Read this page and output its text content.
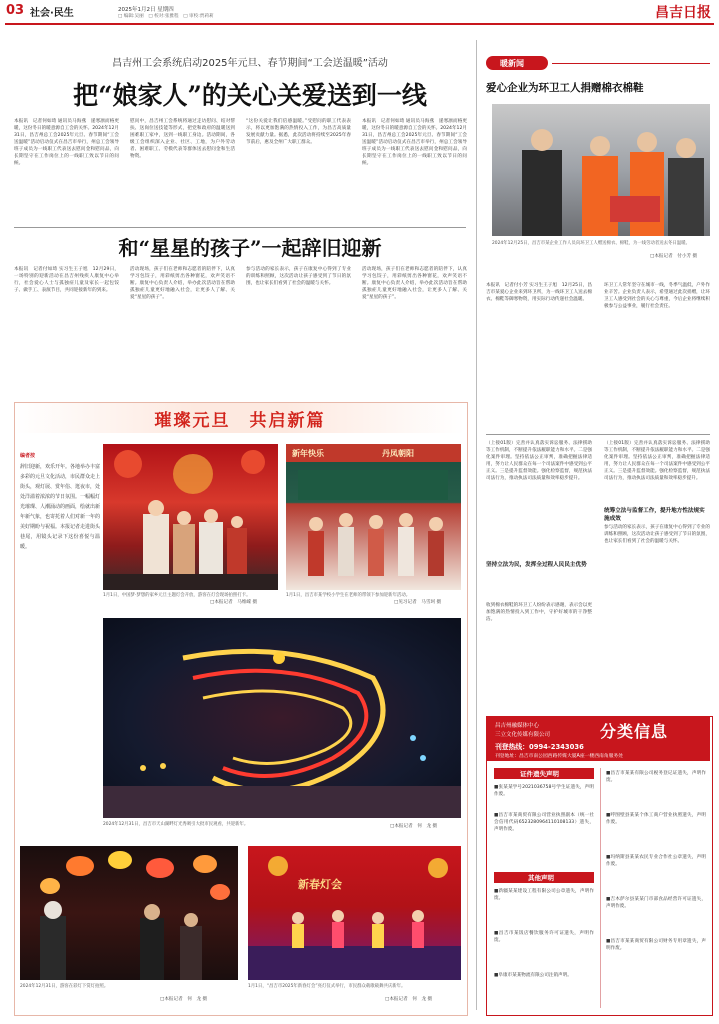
03 社会·民生	2025年1月2日 星期四
□ 编辑:吴丽　□ 校对:张雅程　□ 审校:贾莉莉	昌吉日报
昌吉州工会系统启动2025年元旦、春节期间“工会送温暖”活动
把“娘家人”的关心关爱送到一线
本报讯　记者何如琦 通讯员马海燕　递寒凛而格更暖，这份冬日的暖意源自工会的关怀。2024年12月31日，昌吉州总工会2025年元旦、春节期间“工会送温暖”活动启动仪式在昌吉市举行，州总工会领导班子成员为一线职工代表送去慰问金和慰问品，向长期坚守在工作岗位上的一线职工致以节日的问候。
慰问中，昌吉州工会系统将通过走访慰问、结对帮扶、送岗位送技能等形式，把党和政府的温暖送到困难职工家中，送到一线职工身边。活动期间，各级工会组织深入企业、社区、工地，为户外劳动者、困难职工、劳模代表等群体送去慰问金和生活物资。
“这份关爱让我们倍感温暖。”受慰问的职工代表表示，将以更加饱满的热情投入工作，为昌吉高质量发展贡献力量。据悉，此次活动将持续至2025年春节前后，惠及全州广大职工群众。
本报讯　记者何如琦 通讯员马海燕　递寒凛而格更暖，这份冬日的暖意源自工会的关怀。2024年12月31日，昌吉州总工会2025年元旦、春节期间“工会送温暖”活动启动仪式在昌吉市举行，州总工会领导班子成员为一线职工代表送去慰问金和慰问品，向长期坚守在工作岗位上的一线职工致以节日的问候。
和“星星的孩子”一起辞旧迎新
本报讯　记者付如琦 实习生王子旭　12月29日，一场特别的迎新活动在昌吉州残疾人康复中心举行，社会爱心人士与孤独症儿童及家长一起包饺子、做手工、表演节目，共同迎接新年的到来。
活动现场，孩子们在老师和志愿者的陪伴下，认真学习包饺子，用彩纸剪出各种窗花，欢声笑语不断。康复中心负责人介绍，举办此次活动旨在帮助孤独症儿童更好地融入社会，让更多人了解、关爱“星星的孩子”。
参与活动的家长表示，孩子在康复中心得到了专业的训练和照顾，这次活动让孩子感受到了节日的氛围，也让家长们看到了社会的温暖与关怀。
活动现场，孩子们在老师和志愿者的陪伴下，认真学习包饺子，用彩纸剪出各种窗花，欢声笑语不断。康复中心负责人介绍，举办此次活动旨在帮助孤独症儿童更好地融入社会，让更多人了解、关爱“星星的孩子”。
璀璨元旦　共启新篇
编者按
辞旧迎新，欢乐开年。各地举办丰富多彩的元旦文化活动，市民群众走上街头，观灯展、赏年俗、逛夜市，处处洋溢着浓浓的节日氛围。一幅幅灯光璀璨、人潮涌动的画面，绘就出新年新气象，也寄托着人们对新一年的美好期盼与祝福。本报记者走进街头巷尾，用镜头记录下这份喜悦与温暖。
新年快乐	丹凤朝阳
1月1日，中国梦·梦想的家乡元旦主题灯会开放，游客在灯会现场拍照打卡。
□本报记者　马维嵘 摄
1月1日，昌吉市某学校小学生在老师的带领下参加迎新年活动。
□见习记者　马雪珂 摄
2024年12月31日，昌吉市天山湖畔灯光秀吸引大批市民观看，共迎新年。	□本报记者　何　龙 摄
新春灯会
2024年12月31日，游客在彩灯下赏灯拍照。
□本报记者　何　龙 摄
1月1日，“昌吉市2025年新春灯会”亮灯仪式举行，市民群众载歌载舞共庆新年。
□本报记者　何　龙 摄
暖新闻
爱心企业为环卫工人捐赠棉衣棉鞋
2024年12月25日，昌吉市某企业工作人员向环卫工人赠送棉衣、棉鞋，为一线劳动者送去冬日温暖。
□本报记者　付小芳 摄
本报讯　记者付小芳 实习生王子旭　12月25日，昌吉市某爱心企业来到环卫所，为一线环卫工人送去棉衣、棉鞋等御寒物资，用实际行动传递社会温暖。
环卫工人常年坚守在城市一线，冬季气温低，户外作业辛苦。企业负责人表示，希望通过此次捐赠，让环卫工人感受到社会的关心与尊重，今后企业将继续积极参与公益事业，履行社会责任。
（上接01版）完善并认真落实诉讼服务、法律援助等工作机制，不断提升依法履职能力和水平。二是强化案件审理。坚持依法公正审判，准确把握法律适用，努力让人民群众在每一个司法案件中感受到公平正义。三是提升监督效能。强化检察监督，规范执法司法行为，推动执法司法质量和效率稳步提升。
收到棉衣棉鞋的环卫工人纷纷表示感谢，表示会以更加饱满的热情投入到工作中，守护好城市的干净整洁。
坚持立法为民，发挥全过程人民民主优势
（上接01版）完善并认真落实诉讼服务、法律援助等工作机制，不断提升依法履职能力和水平。二是强化案件审理。坚持依法公正审判，准确把握法律适用，努力让人民群众在每一个司法案件中感受到公平正义。三是提升监督效能。强化检察监督，规范执法司法行为，推动执法司法质量和效率稳步提升。
统筹立法与监督工作，提升地方性法规实施成效
参与活动的家长表示，孩子在康复中心得到了专业的训练和照顾，这次活动让孩子感受到了节日的氛围，也让家长们看到了社会的温暖与关怀。
昌吉州融媒体中心
三立文化传媒有限公司	分类信息
刊登热线：0994-2343036
刊登地址：昌吉市南公园西路传媒大厦A座一楼西南角服务处
证件遗失声明
■张某某学号2021036758号学生证遗失，声明作废。
■昌吉市某商贸有限公司营业执照副本（统一社会信用代码6523280964110108133）遗失，声明作废。
其他声明
■新疆某某建设工程有限公司公章遗失，声明作废。
■昌吉市某饭店餐饮服务许可证遗失，声明作废。
■阜康市某某物流有限公司注销声明。
■昌吉市某某有限公司税务登记证遗失，声明作废。
■呼图壁县某某个体工商户营业执照遗失，声明作废。
■玛纳斯县某某农民专业合作社公章遗失，声明作废。
■吉木萨尔县某某门市部食品经营许可证遗失，声明作废。
■昌吉市某某商贸有限公司财务专用章遗失，声明作废。
